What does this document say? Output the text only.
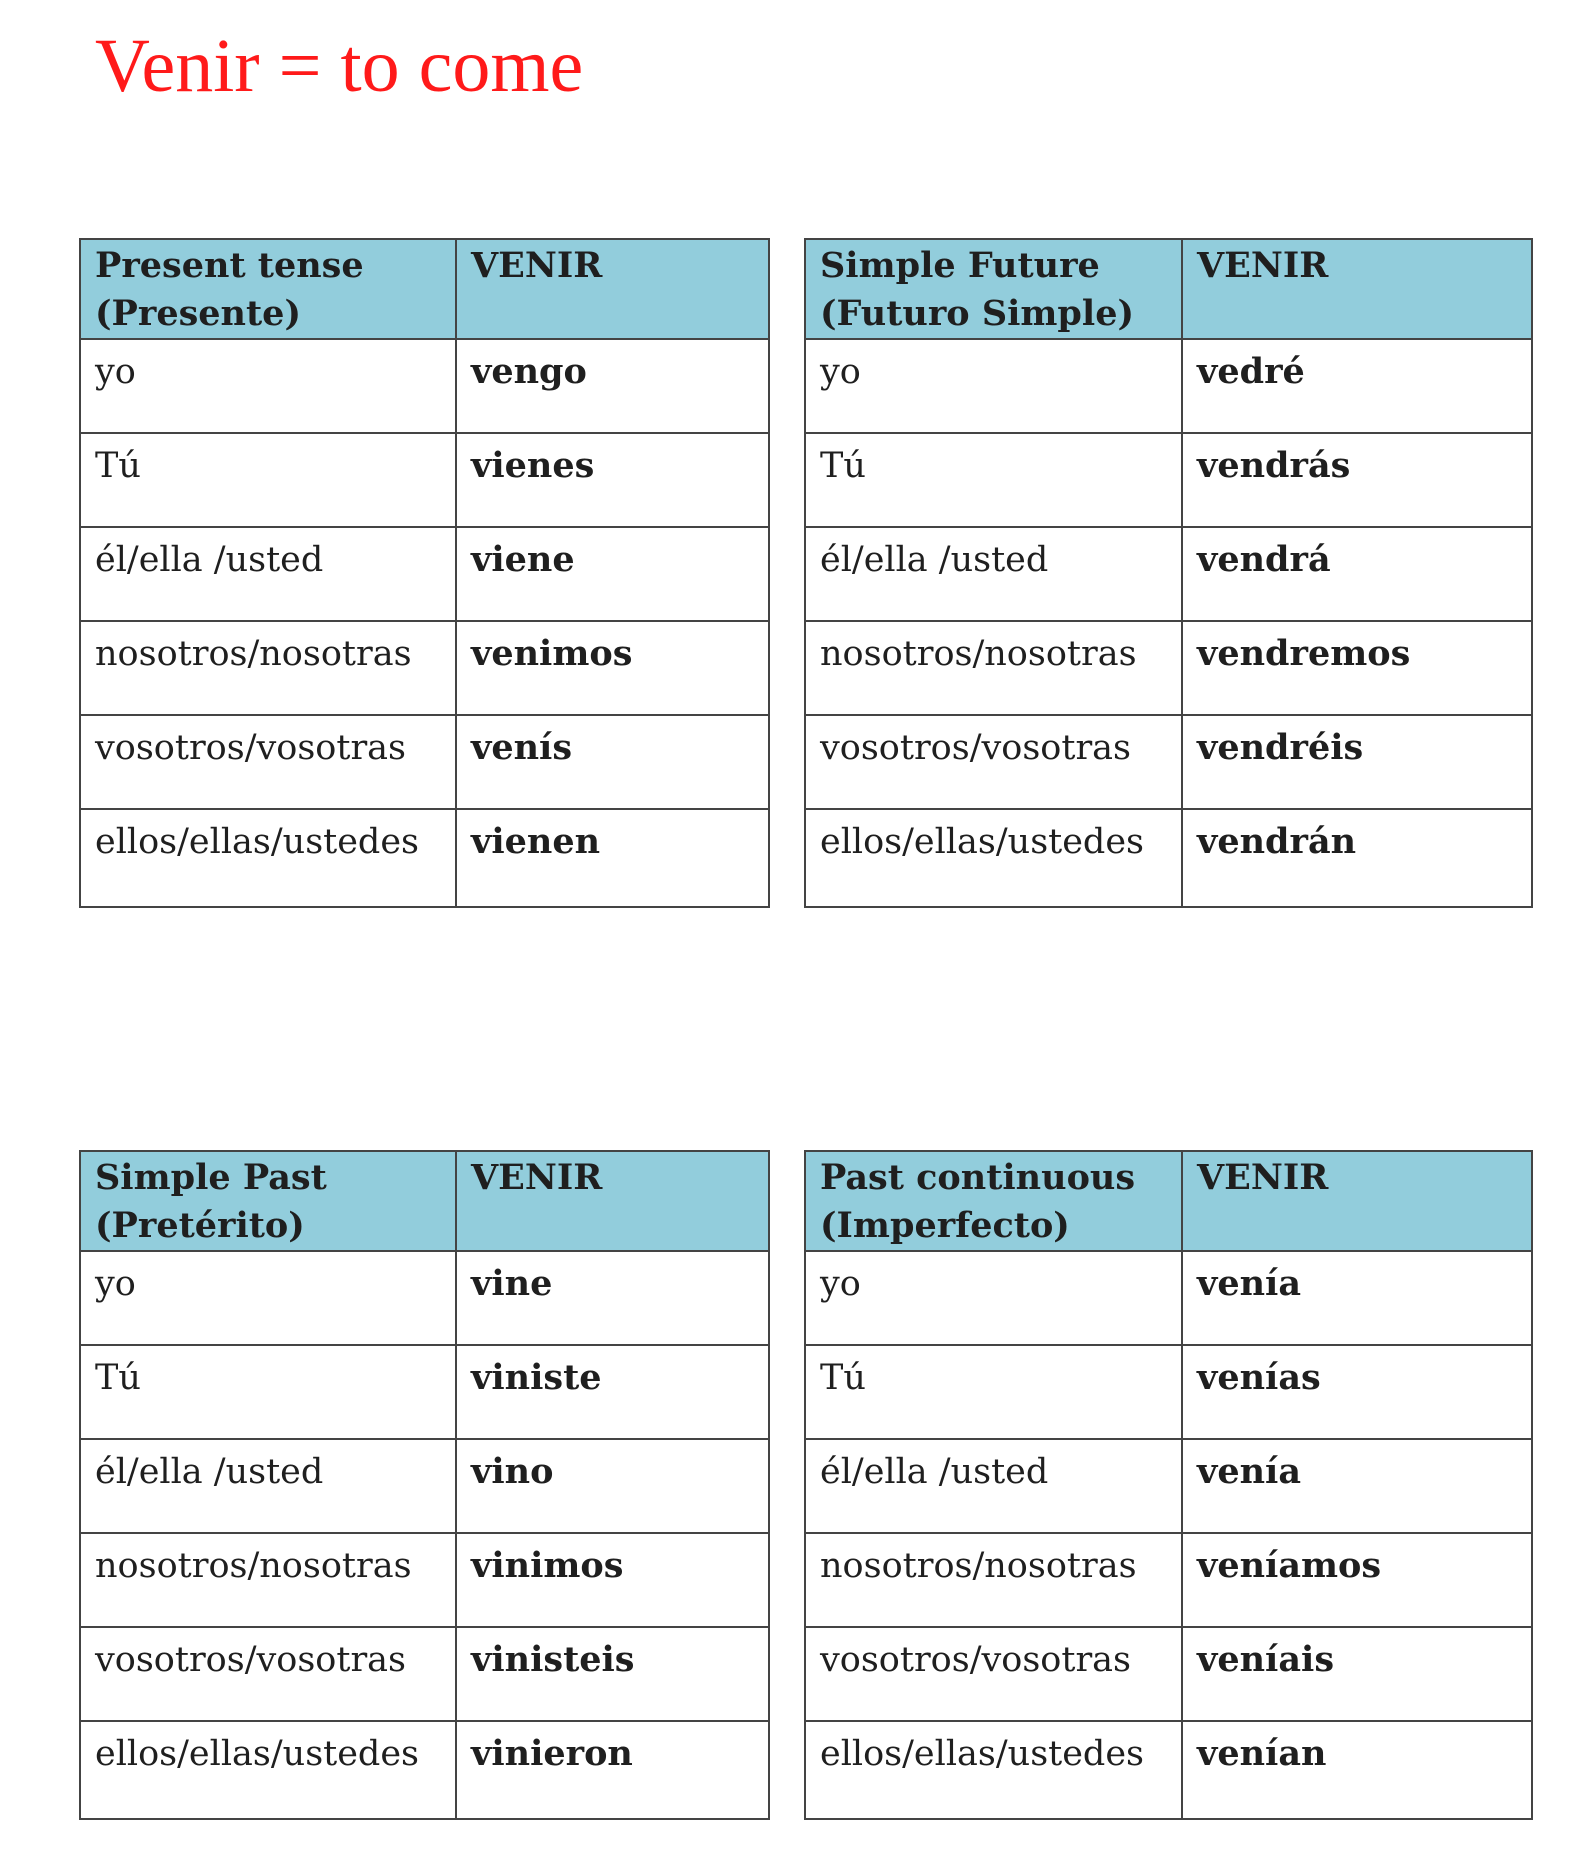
Venir = to come
Present tense
(Presente)	VENIR
yo	vengo
Tú	vienes
él/ella /usted	viene
nosotros/nosotras	venimos
vosotros/vosotras	venís
ellos/ellas/ustedes	vienen
Simple Future
(Futuro Simple)	VENIR
yo	vedré
Tú	vendrás
él/ella /usted	vendrá
nosotros/nosotras	vendremos
vosotros/vosotras	vendréis
ellos/ellas/ustedes	vendrán
Simple Past
(Pretérito)	VENIR
yo	vine
Tú	viniste
él/ella /usted	vino
nosotros/nosotras	vinimos
vosotros/vosotras	vinisteis
ellos/ellas/ustedes	vinieron
Past continuous
(Imperfecto)	VENIR
yo	venía
Tú	venías
él/ella /usted	venía
nosotros/nosotras	veníamos
vosotros/vosotras	veníais
ellos/ellas/ustedes	venían
